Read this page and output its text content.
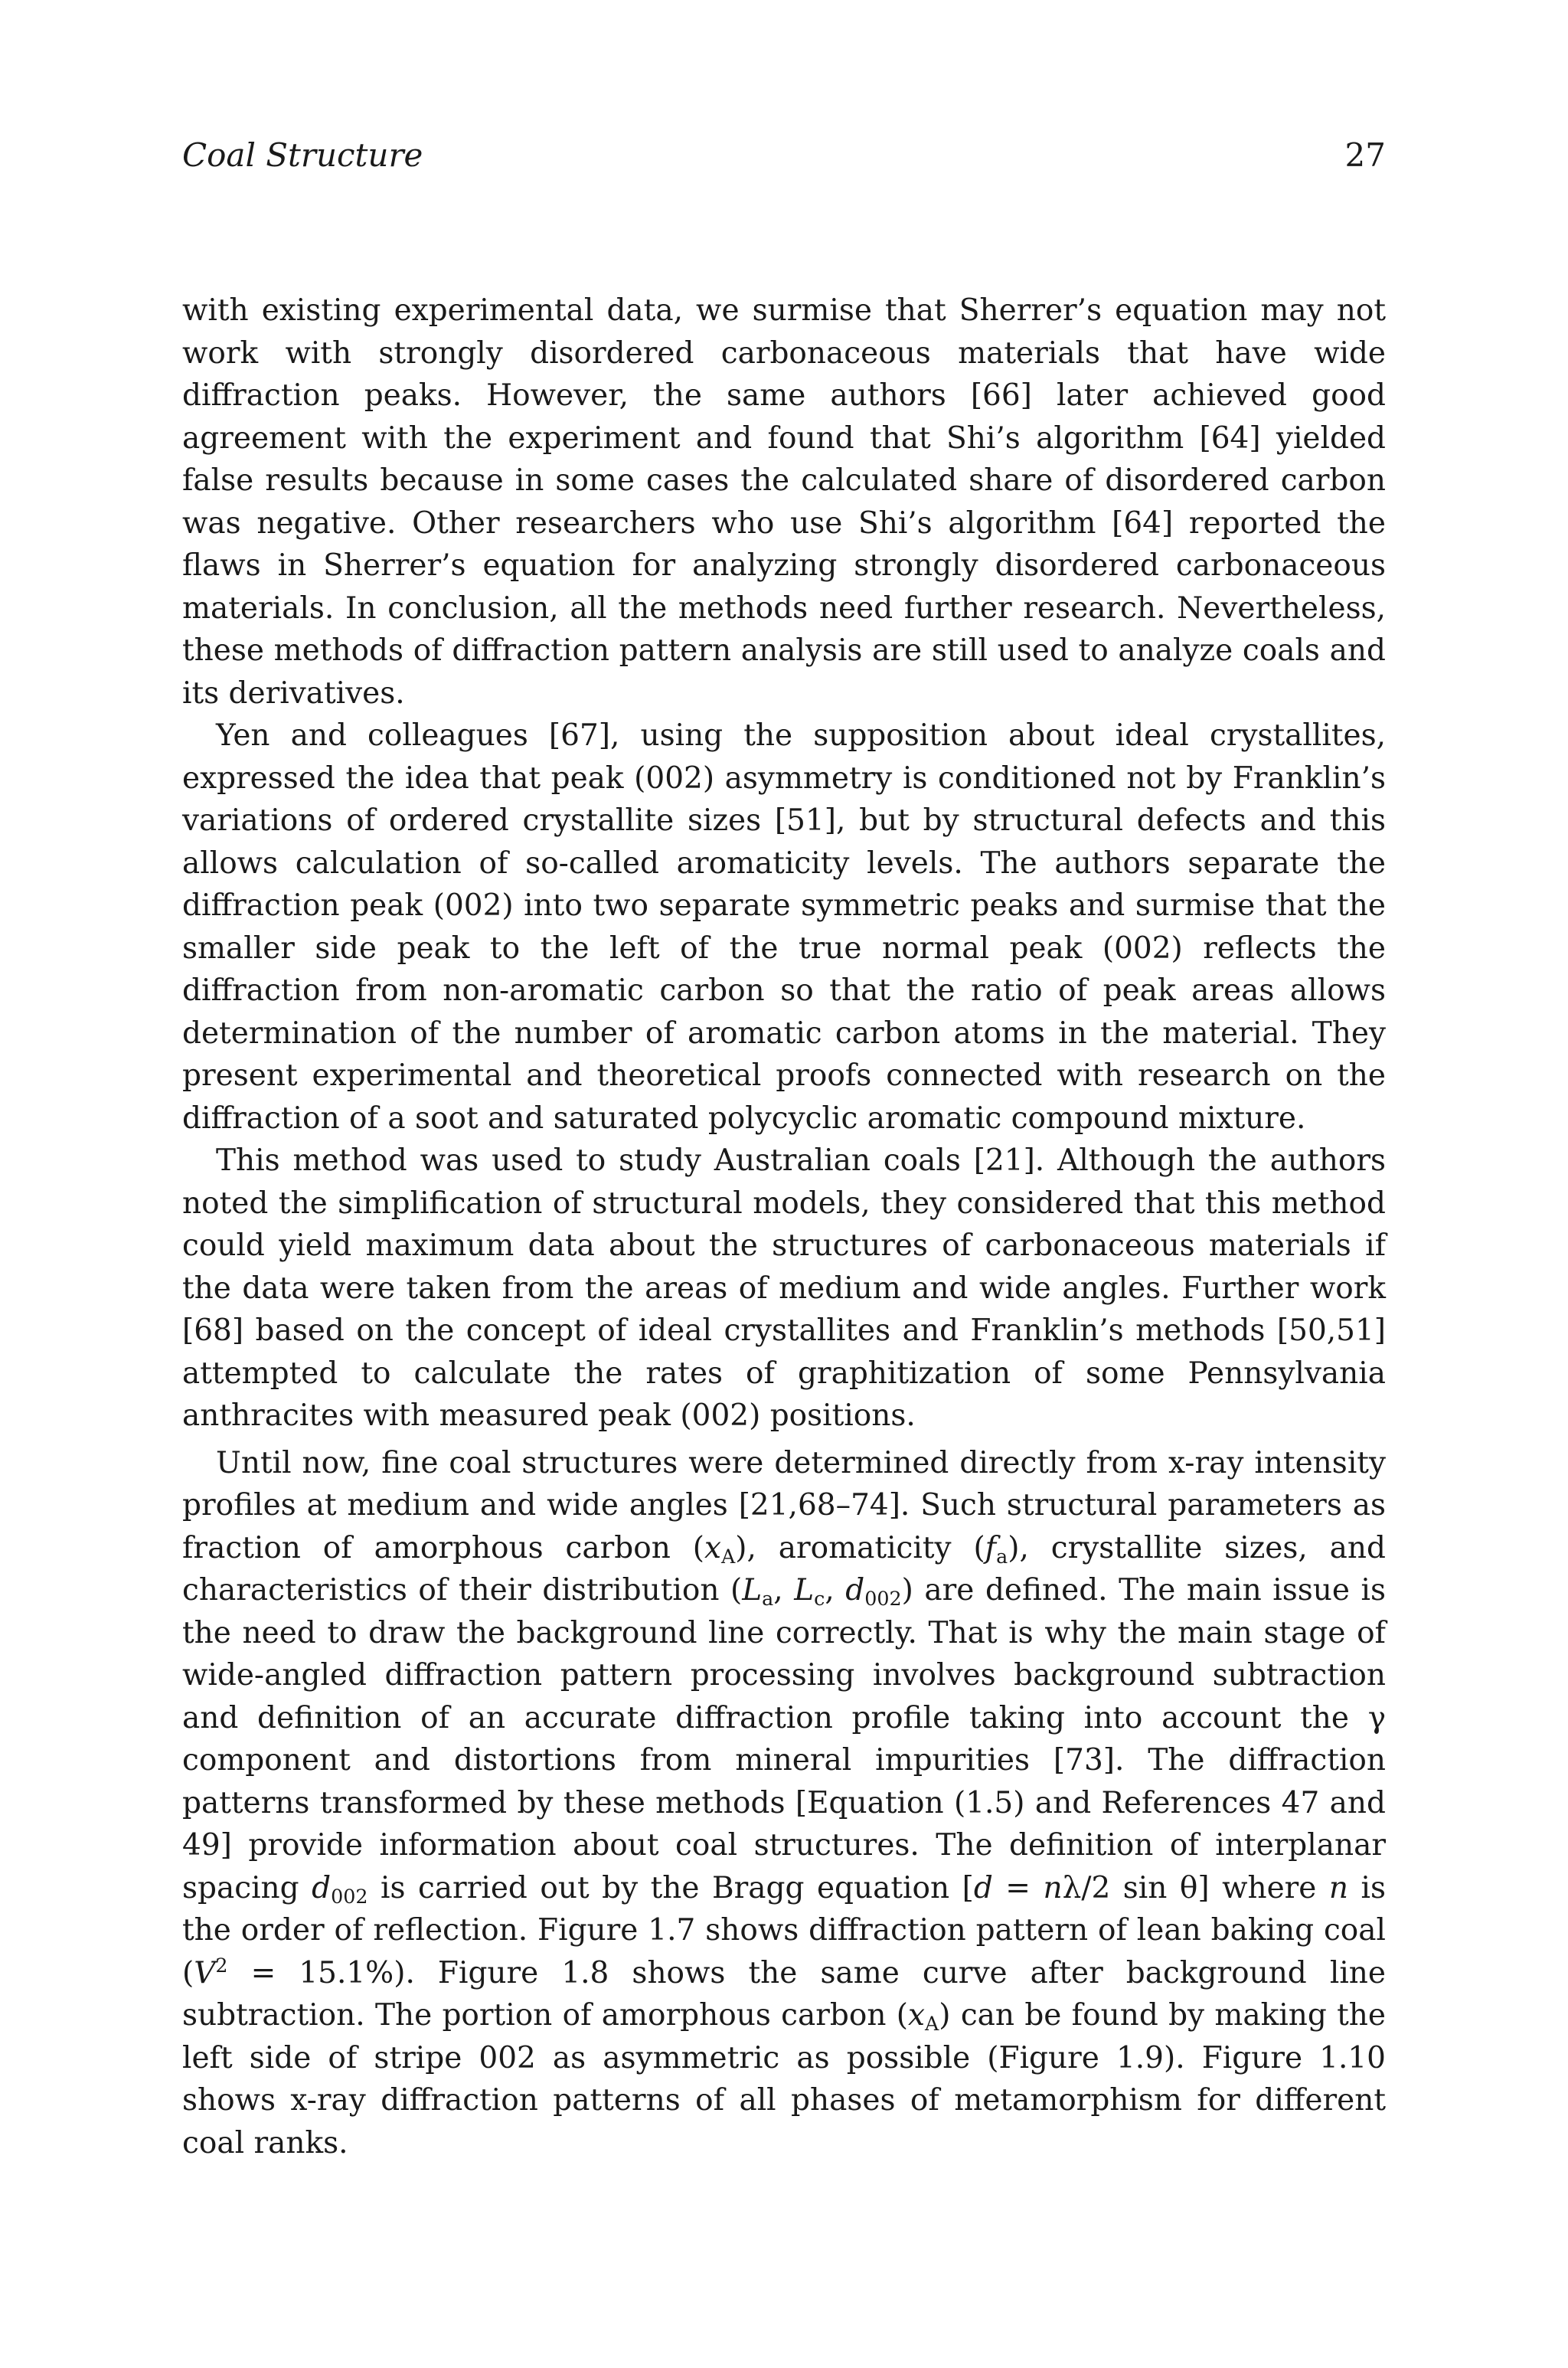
Coal Structure	27

with existing experimental data, we surmise that Sherrer’s equation may not work with strongly disordered carbonaceous materials that have wide diffraction peaks. However, the same authors [66] later achieved good agreement with the experiment and found that Shi’s algorithm [64] yielded false results because in some cases the calculated share of disordered carbon was negative. Other researchers who use Shi’s algorithm [64] reported the flaws in Sherrer’s equation for analyzing strongly disordered carbonaceous materials. In conclusion, all the methods need further research. Nevertheless, these methods of diffraction pattern analysis are still used to analyze coals and its derivatives.

Yen and colleagues [67], using the supposition about ideal crystallites, expressed the idea that peak (002) asymmetry is conditioned not by Franklin’s variations of ordered crystallite sizes [51], but by structural defects and this allows calculation of so-called aromaticity levels. The authors separate the diffraction peak (002) into two separate symmetric peaks and surmise that the smaller side peak to the left of the true normal peak (002) reflects the diffraction from non-aromatic carbon so that the ratio of peak areas allows determination of the number of aromatic carbon atoms in the material. They present experimental and theoretical proofs connected with research on the diffraction of a soot and saturated polycyclic aromatic compound mixture.

This method was used to study Australian coals [21]. Although the authors noted the simplification of structural models, they considered that this method could yield maximum data about the structures of carbonaceous materials if the data were taken from the areas of medium and wide angles. Further work [68] based on the concept of ideal crystallites and Franklin’s methods [50,51] attempted to calculate the rates of graphitization of some Pennsylvania anthracites with measured peak (002) positions.

Until now, fine coal structures were determined directly from x-ray intensity profiles at medium and wide angles [21,68–74]. Such structural parameters as fraction of amorphous carbon $(x_A)$, aromaticity $(f_a)$, crystallite sizes, and characteristics of their distribution ($L_a$, $L_c$, $d_{002}$) are defined. The main issue is the need to draw the background line correctly. That is why the main stage of wide-angled diffraction pattern processing involves background subtraction and definition of an accurate diffraction profile taking into account the γ component and distortions from mineral impurities [73]. The diffraction patterns transformed by these methods [Equation (1.5) and References 47 and 49] provide information about coal structures. The definition of interplanar spacing $d_{002}$ is carried out by the Bragg equation [d = nλ/2 sin θ] where n is the order of reflection. Figure 1.7 shows diffraction pattern of lean baking coal $(V^2 = 15.1\%)$. Figure 1.8 shows the same curve after background line subtraction. The portion of amorphous carbon $(x_A)$ can be found by making the left side of stripe 002 as asymmetric as possible (Figure 1.9). Figure 1.10 shows x-ray diffraction patterns of all phases of metamorphism for different coal ranks.
